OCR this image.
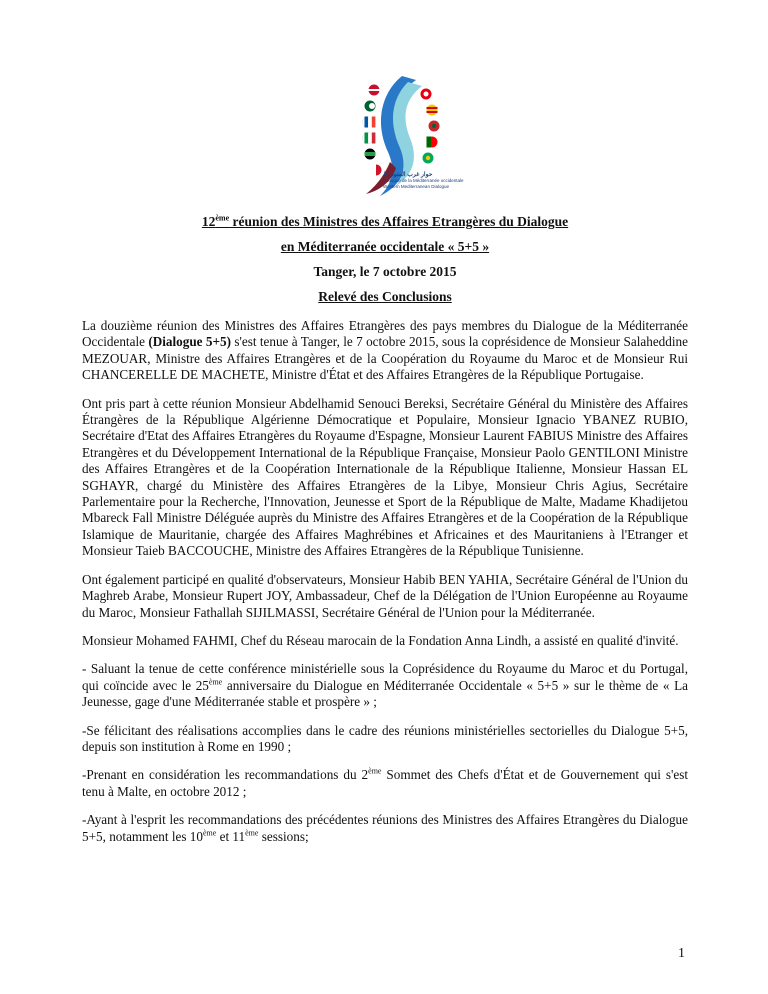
حوار غرب المتوسط
Dialogue de la Méditerranée occidentale
Western Mediterranean Dialogue
12ème réunion des Ministres des Affaires Etrangères du Dialogue
en Méditerranée occidentale « 5+5 »
Tanger, le 7 octobre 2015
Relevé des Conclusions

La douzième réunion des Ministres des Affaires Etrangères des pays membres du Dialogue de la Méditerranée Occidentale (Dialogue 5+5) s'est tenue à Tanger, le 7 octobre 2015, sous la coprésidence de Monsieur Salaheddine MEZOUAR, Ministre des Affaires Etrangères et de la Coopération du Royaume du Maroc et de Monsieur Rui CHANCERELLE DE MACHETE, Ministre d'État et des Affaires Etrangères de la République Portugaise.

Ont pris part à cette réunion Monsieur Abdelhamid Senouci Bereksi, Secrétaire Général du Ministère des Affaires Étrangères de la République Algérienne Démocratique et Populaire, Monsieur Ignacio YBANEZ RUBIO, Secrétaire d'Etat des Affaires Etrangères du Royaume d'Espagne, Monsieur Laurent FABIUS Ministre des Affaires Etrangères et du Développement International de la République Française, Monsieur Paolo GENTILONI Ministre des Affaires Etrangères et de la Coopération Internationale de la République Italienne, Monsieur Hassan EL SGHAYR, chargé du Ministère des Affaires Etrangères de la Libye, Monsieur Chris Agius, Secrétaire Parlementaire pour la Recherche, l'Innovation, Jeunesse et Sport de la République de Malte, Madame Khadijetou Mbareck Fall Ministre Déléguée auprès du Ministre des Affaires Etrangères et de la Coopération de la République Islamique de Mauritanie, chargée des Affaires Maghrébines et Africaines et des Mauritaniens à l'Etranger et Monsieur Taieb BACCOUCHE, Ministre des Affaires Etrangères de la République Tunisienne.

Ont également participé en qualité d'observateurs, Monsieur Habib BEN YAHIA, Secrétaire Général de l'Union du Maghreb Arabe, Monsieur Rupert JOY, Ambassadeur, Chef de la Délégation de l'Union Européenne au Royaume du Maroc, Monsieur Fathallah SIJILMASSI, Secrétaire Général de l'Union pour la Méditerranée.

Monsieur Mohamed FAHMI, Chef du Réseau marocain de la Fondation Anna Lindh, a assisté en qualité d'invité.

- Saluant la tenue de cette conférence ministérielle sous la Coprésidence du Royaume du Maroc et du Portugal, qui coïncide avec le 25ème anniversaire du Dialogue en Méditerranée Occidentale « 5+5 » sur le thème de « La Jeunesse, gage d'une Méditerranée stable et prospère » ;

-Se félicitant des réalisations accomplies dans le cadre des réunions ministérielles sectorielles du Dialogue 5+5, depuis son institution à Rome en 1990 ;

-Prenant en considération les recommandations du 2ème Sommet des Chefs d'État et de Gouvernement qui s'est tenu à Malte, en octobre 2012 ;

-Ayant à l'esprit les recommandations des précédentes réunions des Ministres des Affaires Etrangères du Dialogue 5+5, notamment les 10ème et 11ème sessions;

1
